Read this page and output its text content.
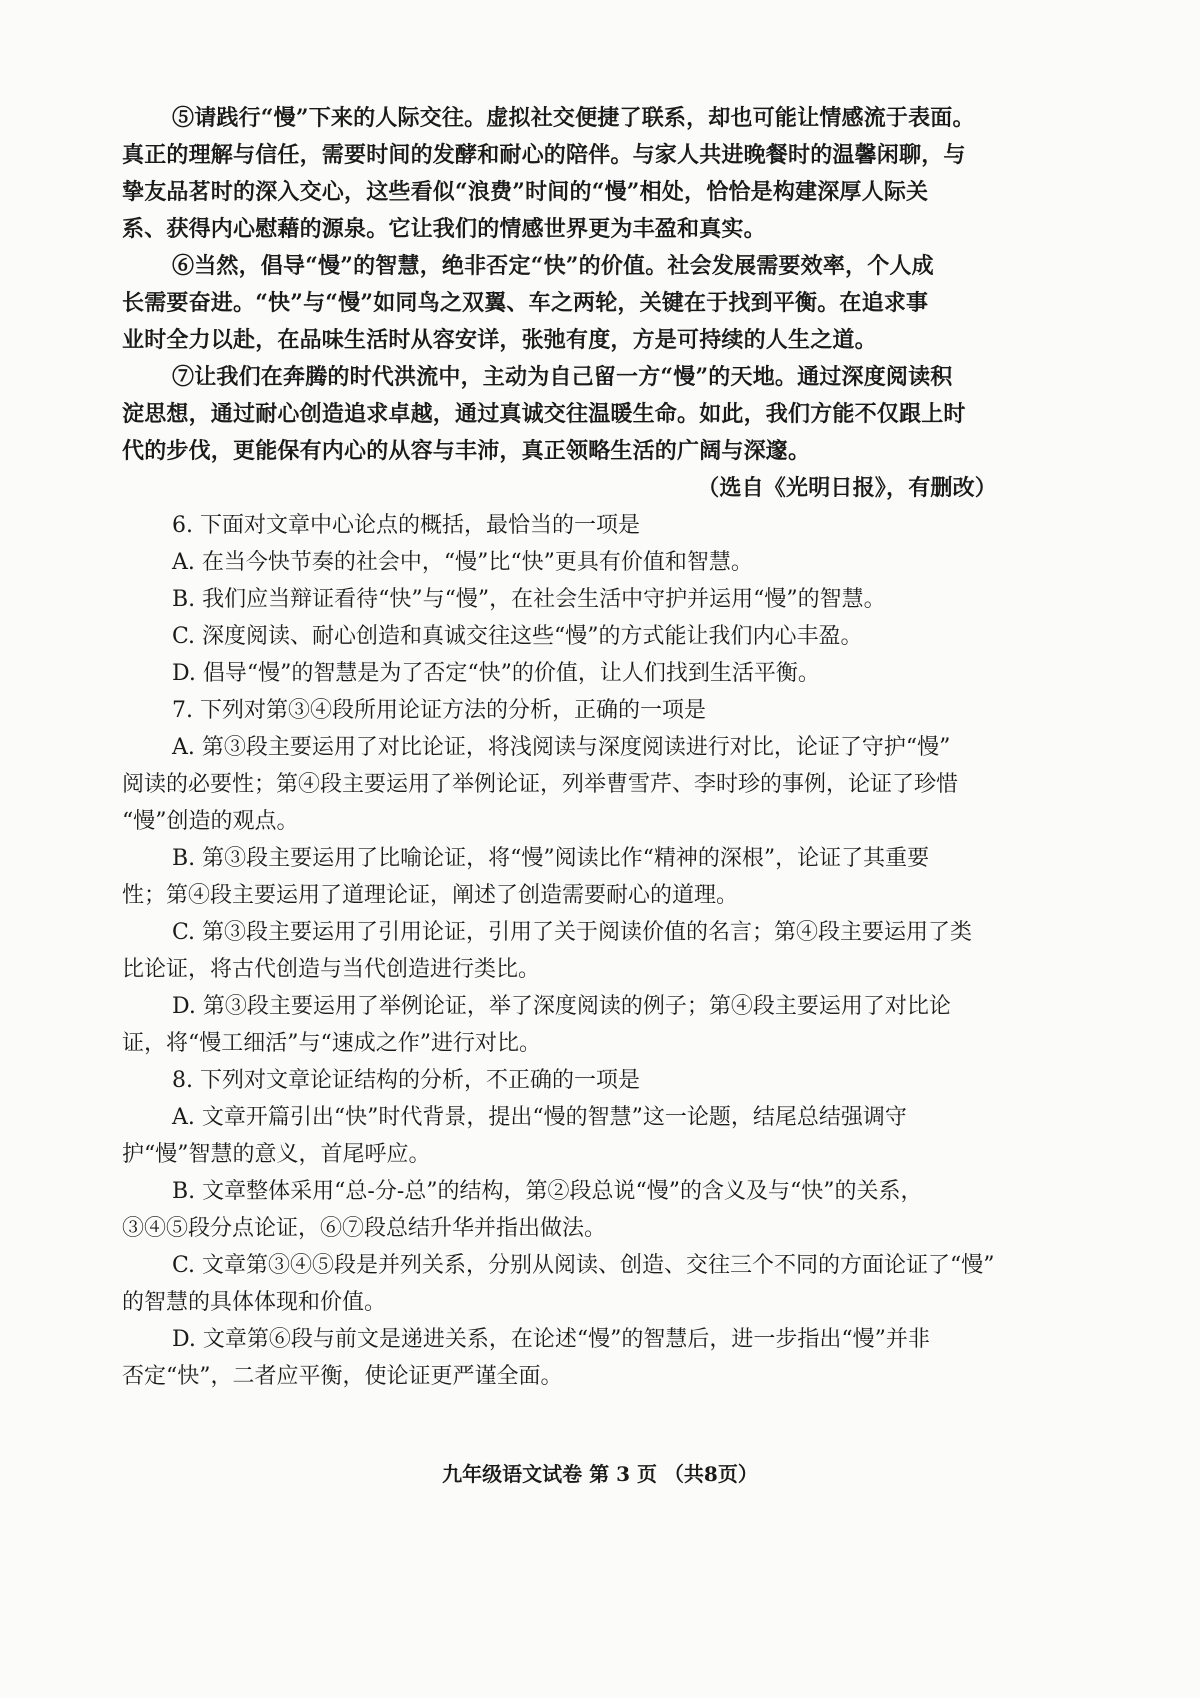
⑤请践行“慢”下来的人际交往。虚拟社交便捷了联系，却也可能让情感流于表面。
真正的理解与信任，需要时间的发酵和耐心的陪伴。与家人共进晚餐时的温馨闲聊，与
挚友品茗时的深入交心，这些看似“浪费”时间的“慢”相处，恰恰是构建深厚人际关
系、获得内心慰藉的源泉。它让我们的情感世界更为丰盈和真实。
⑥当然，倡导“慢”的智慧，绝非否定“快”的价值。社会发展需要效率，个人成
长需要奋进。“快”与“慢”如同鸟之双翼、车之两轮，关键在于找到平衡。在追求事
业时全力以赴，在品味生活时从容安详，张弛有度，方是可持续的人生之道。
⑦让我们在奔腾的时代洪流中，主动为自己留一方“慢”的天地。通过深度阅读积
淀思想，通过耐心创造追求卓越，通过真诚交往温暖生命。如此，我们方能不仅跟上时
代的步伐，更能保有内心的从容与丰沛，真正领略生活的广阔与深邃。
（选自《光明日报》，有删改）
6. 下面对文章中心论点的概括，最恰当的一项是
A. 在当今快节奏的社会中，“慢”比“快”更具有价值和智慧。
B. 我们应当辩证看待“快”与“慢”，在社会生活中守护并运用“慢”的智慧。
C. 深度阅读、耐心创造和真诚交往这些“慢”的方式能让我们内心丰盈。
D. 倡导“慢”的智慧是为了否定“快”的价值，让人们找到生活平衡。
7. 下列对第③④段所用论证方法的分析，正确的一项是
A. 第③段主要运用了对比论证，将浅阅读与深度阅读进行对比，论证了守护“慢”
阅读的必要性；第④段主要运用了举例论证，列举曹雪芹、李时珍的事例，论证了珍惜
“慢”创造的观点。
B. 第③段主要运用了比喻论证，将“慢”阅读比作“精神的深根”，论证了其重要
性；第④段主要运用了道理论证，阐述了创造需要耐心的道理。
C. 第③段主要运用了引用论证，引用了关于阅读价值的名言；第④段主要运用了类
比论证，将古代创造与当代创造进行类比。
D. 第③段主要运用了举例论证，举了深度阅读的例子；第④段主要运用了对比论
证，将“慢工细活”与“速成之作”进行对比。
8. 下列对文章论证结构的分析，不正确的一项是
A. 文章开篇引出“快”时代背景，提出“慢的智慧”这一论题，结尾总结强调守
护“慢”智慧的意义，首尾呼应。
B. 文章整体采用“总-分-总”的结构，第②段总说“慢”的含义及与“快”的关系，
③④⑤段分点论证，⑥⑦段总结升华并指出做法。
C. 文章第③④⑤段是并列关系，分别从阅读、创造、交往三个不同的方面论证了“慢”
的智慧的具体体现和价值。
D. 文章第⑥段与前文是递进关系，在论述“慢”的智慧后，进一步指出“慢”并非
否定“快”，二者应平衡，使论证更严谨全面。
九年级语文试卷 第 3 页 （共8页）
